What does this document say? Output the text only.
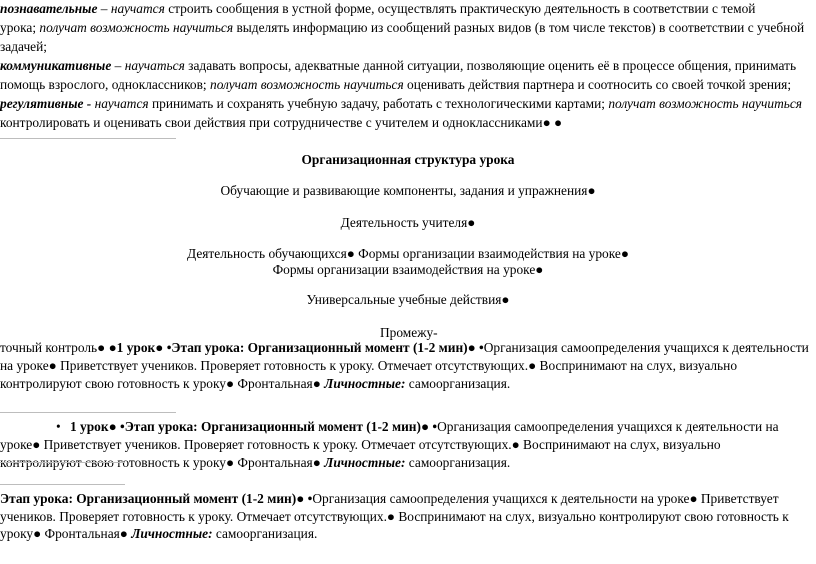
познавательные – научатся строить сообщения в устной форме, осуществлять практическую деятельность в соответствии с темой
урока; получат возможность научиться выделять информацию из сообщений разных видов (в том числе текстов) в соответствии с учебной
задачей;
коммуникативные – научаться задавать вопросы, адекватные данной ситуации, позволяющие оценить её в процессе общения, принимать
помощь взрослого, одноклассников; получат возможность научиться оценивать действия партнера и соотносить со своей точкой зрения;
регулятивные - научатся принимать и сохранять учебную задачу, работать с технологическими картами; получат возможность научиться
контролировать и оценивать свои действия при сотрудничестве с учителем и одноклассниками● ●
Организационная структура урока
Обучающие и развивающие компоненты, задания и упражнения●
Деятельность учителя●
Деятельность обучающихся● Формы организации взаимодействия на уроке●
Формы организации взаимодействия на уроке●
Универсальные учебные действия●
Промежу-
точный контроль● ●1 урок● •Этап урока: Организационный момент (1-2 мин)● •Организация самоопределения учащихся к деятельности
на уроке● Приветствует учеников. Проверяет готовность к уроку. Отмечает отсутствующих.● Воспринимают на слух, визуально
контролируют свою готовность к уроку● Фронтальная● Личностные: самоорганизация.
• 1 урок● •Этап урока: Организационный момент (1-2 мин)● •Организация самоопределения учащихся к деятельности на
уроке● Приветствует учеников. Проверяет готовность к уроку. Отмечает отсутствующих.● Воспринимают на слух, визуально
контролируют свою готовность к уроку● Фронтальная● Личностные: самоорганизация.
Этап урока: Организационный момент (1-2 мин)● •Организация самоопределения учащихся к деятельности на уроке● Приветствует
учеников. Проверяет готовность к уроку. Отмечает отсутствующих.● Воспринимают на слух, визуально контролируют свою готовность к
уроку● Фронтальная● Личностные: самоорганизация.
